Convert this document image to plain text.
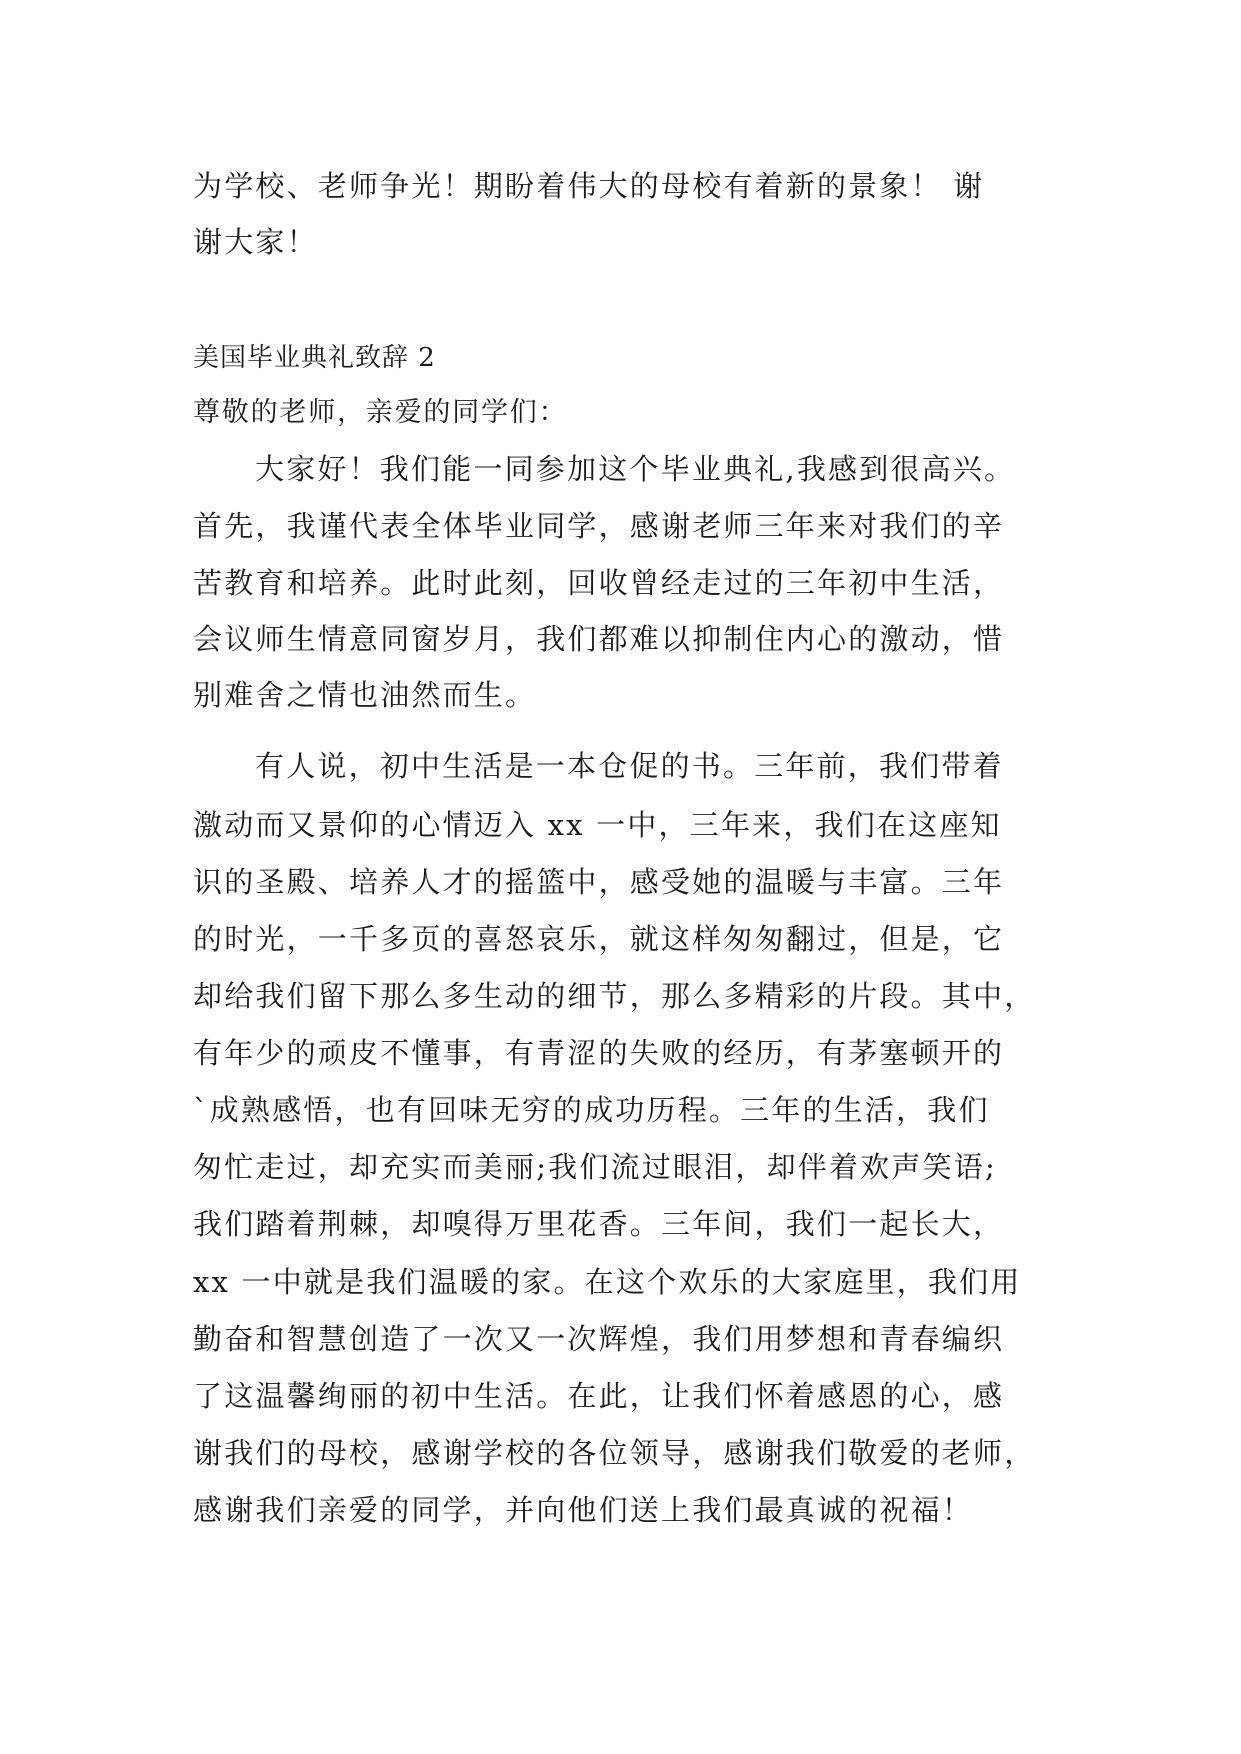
为学校、老师争光！期盼着伟大的母校有着新的景象！ 谢
谢大家！
美国毕业典礼致辞 2
尊敬的老师，亲爱的同学们：
大家好！我们能一同参加这个毕业典礼,我感到很高兴。
首先，我谨代表全体毕业同学，感谢老师三年来对我们的辛
苦教育和培养。此时此刻，回收曾经走过的三年初中生活，
会议师生情意同窗岁月，我们都难以抑制住内心的激动，惜
别难舍之情也油然而生。
有人说，初中生活是一本仓促的书。三年前，我们带着
激动而又景仰的心情迈入 xx 一中，三年来，我们在这座知
识的圣殿、培养人才的摇篮中，感受她的温暖与丰富。三年
的时光，一千多页的喜怒哀乐，就这样匆匆翻过，但是，它
却给我们留下那么多生动的细节，那么多精彩的片段。其中，
有年少的顽皮不懂事，有青涩的失败的经历，有茅塞顿开的
`成熟感悟，也有回味无穷的成功历程。三年的生活，我们
匆忙走过，却充实而美丽;我们流过眼泪，却伴着欢声笑语;
我们踏着荆棘，却嗅得万里花香。三年间，我们一起长大，
xx 一中就是我们温暖的家。在这个欢乐的大家庭里，我们用
勤奋和智慧创造了一次又一次辉煌，我们用梦想和青春编织
了这温馨绚丽的初中生活。在此，让我们怀着感恩的心，感
谢我们的母校，感谢学校的各位领导，感谢我们敬爱的老师，
感谢我们亲爱的同学，并向他们送上我们最真诚的祝福！
